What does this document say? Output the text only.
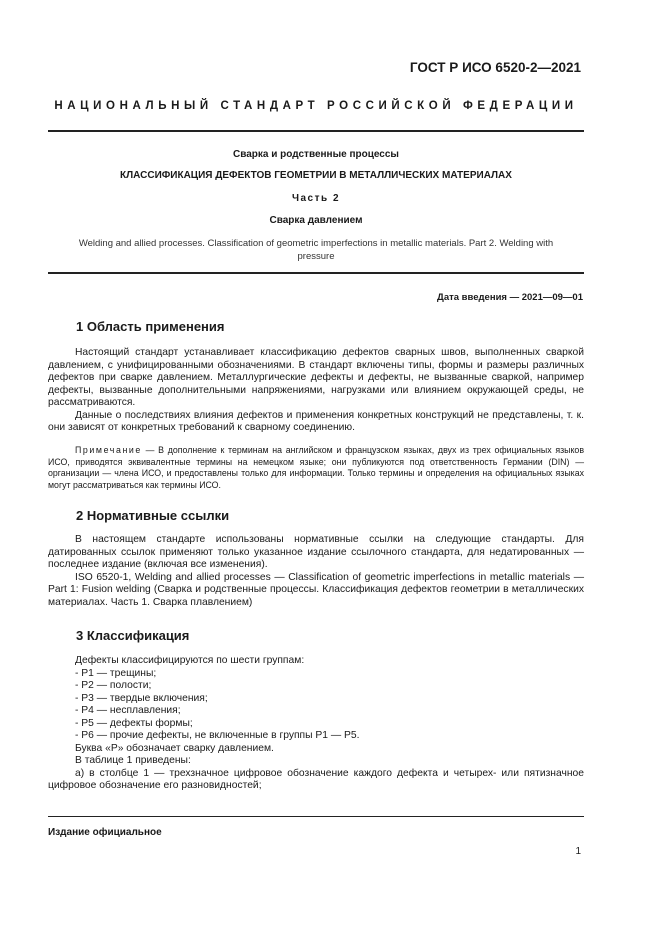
ГОСТ Р ИСО 6520-2—2021
НАЦИОНАЛЬНЫЙ СТАНДАРТ РОССИЙСКОЙ ФЕДЕРАЦИИ
Сварка и родственные процессы
КЛАССИФИКАЦИЯ ДЕФЕКТОВ ГЕОМЕТРИИ В МЕТАЛЛИЧЕСКИХ МАТЕРИАЛАХ
Часть 2
Сварка давлением
Welding and allied processes. Classification of geometric imperfections in metallic materials. Part 2. Welding with
pressure
Дата введения — 2021—09—01
1 Область применения

Настоящий стандарт устанавливает классификацию дефектов сварных швов, выполненных сваркой давлением, с унифицированными обозначениями. В стандарт включены типы, формы и размеры различных дефектов при сварке давлением. Металлургические дефекты и дефекты, не вызванные сваркой, например дефекты, вызванные дополнительными напряжениями, нагрузками или влиянием окружающей среды, не рассматриваются.

Данные о последствиях влияния дефектов и применения конкретных конструкций не представлены, т. к. они зависят от конкретных требований к сварному соединению.

Примечание — В дополнение к терминам на английском и французском языках, двух из трех официальных языков ИСО, приводятся эквивалентные термины на немецком языке; они публикуются под ответственность Германии (DIN) — организации — члена ИСО, и предоставлены только для информации. Только термины и определения на официальных языках могут рассматриваться как термины ИСО.

2 Нормативные ссылки

В настоящем стандарте использованы нормативные ссылки на следующие стандарты. Для датированных ссылок применяют только указанное издание ссылочного стандарта, для недатированных — последнее издание (включая все изменения).

ISO 6520-1, Welding and allied processes — Classification of geometric imperfections in metallic materials — Part 1: Fusion welding (Сварка и родственные процессы. Классификация дефектов геометрии в металлических материалах. Часть 1. Сварка плавлением)

3 Классификация
Дефекты классифицируются по шести группам:
- P1 — трещины;
- P2 — полости;
- P3 — твердые включения;
- P4 — несплавления;
- P5 — дефекты формы;
- P6 — прочие дефекты, не включенные в группы P1 — P5.
Буква «P» обозначает сварку давлением.
В таблице 1 приведены:
а) в столбце 1 — трехзначное цифровое обозначение каждого дефекта и четырех- или пятизначное цифровое обозначение его разновидностей;
Издание официальное
1
